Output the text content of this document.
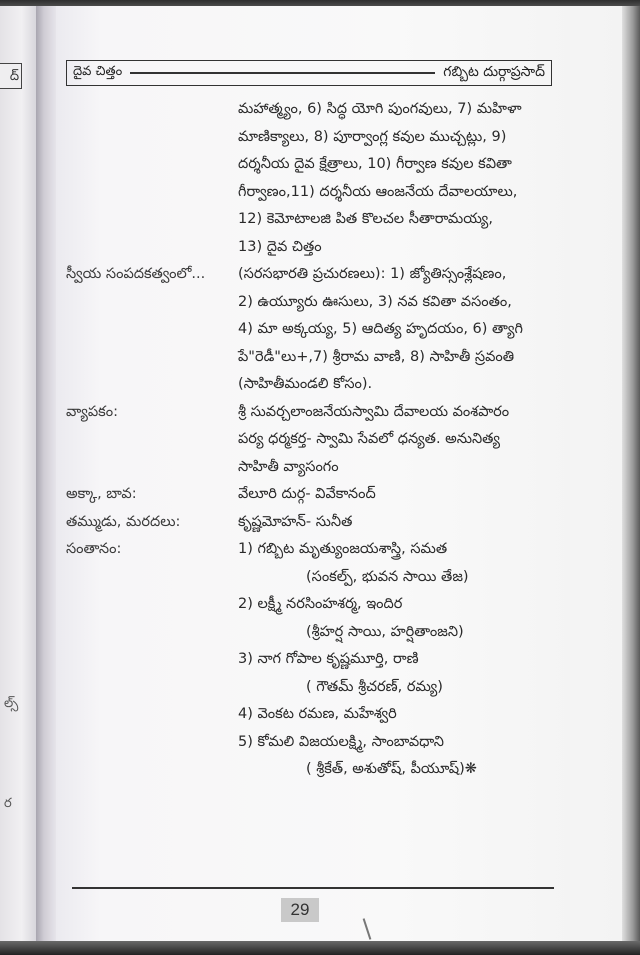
ద్
ల్స్
ర
దైవ చిత్తం	గబ్బిట దుర్గాప్రసాద్
మహాత్మ్యం, 6) సిద్ధ యోగి పుంగవులు, 7) మహిళా
మాణిక్యాలు, 8) పూర్వాంగ్ల కవుల ముచ్చట్లు, 9)
దర్శనీయ దైవ క్షేత్రాలు, 10) గీర్వాణ కవుల కవితా
గీర్వాణం,11) దర్శనీయ ఆంజనేయ దేవాలయాలు,
12) కెమోటాలజి పిత కొలచల సీతారామయ్య,
13) దైవ చిత్తం
స్వీయ సంపదకత్వంలో...	(సరసభారతి ప్రచురణలు): 1) జ్యోతిస్సంశ్లేషణం,
2) ఉయ్యూరు ఊసులు, 3) నవ కవితా వసంతం,
4) మా అక్కయ్య, 5) ఆదిత్య హృదయం, 6) త్యాగి
పే"రెడీ"లు+,7) శ్రీరామ వాణి, 8) సాహితీ స్రవంతి
(సాహితీమండలి కోసం).
వ్యాపకం:	శ్రీ సువర్చలాంజనేయస్వామి దేవాలయ వంశపారం
పర్య ధర్మకర్త- స్వామి సేవలో ధన్యత. అనునిత్య
సాహితీ వ్యాసంగం
అక్కా, బావ:	వేలూరి దుర్గ- వివేకానంద్
తమ్ముడు, మరదలు:	కృష్ణమోహన్- సునీత
సంతానం:	1) గబ్బిట మృత్యుంజయశాస్త్రి, సమత
(సంకల్ప్, భువన సాయి తేజ)
2) లక్ష్మీ నరసింహశర్మ, ఇందిర
(శ్రీహర్ష సాయి, హర్షితాంజని)
3) నాగ గోపాల కృష్ణమూర్తి, రాణి
( గౌతమ్ శ్రీచరణ్, రమ్య)
4) వెంకట రమణ, మహేశ్వరి
5) కోమలి విజయలక్ష్మి, సాంబావధాని
( శ్రీకేత్, అశుతోష్, పీయూష్)❋
29
